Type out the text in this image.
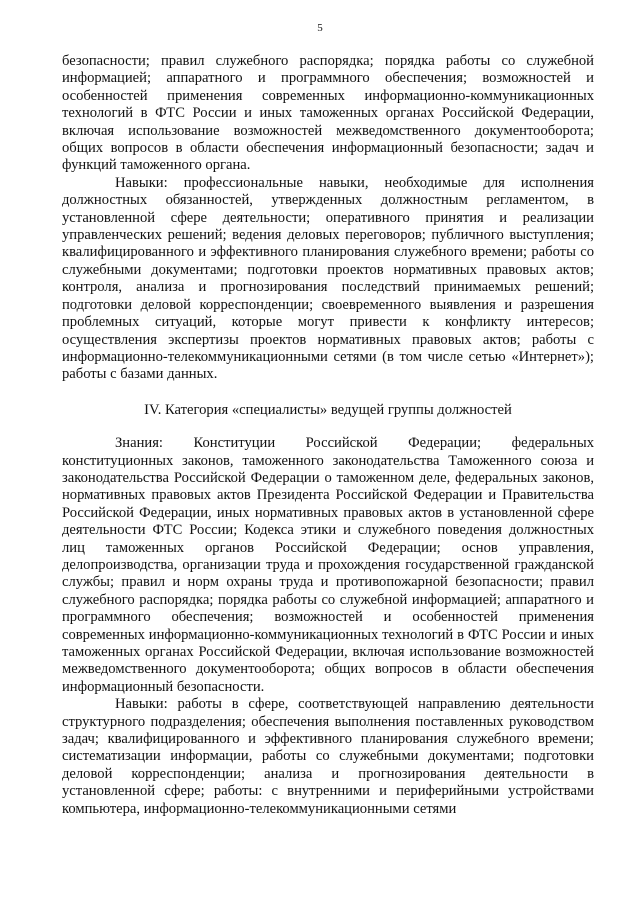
5

безопасности; правил служебного распорядка; порядка работы со служебной информацией; аппаратного и программного обеспечения; возможностей и особенностей применения современных информационно-коммуникационных технологий в ФТС России и иных таможенных органах Российской Федерации, включая использование возможностей межведомственного документооборота; общих вопросов в области обеспечения информационный безопасности; задач и функций таможенного органа.

Навыки: профессиональные навыки, необходимые для исполнения должностных обязанностей, утвержденных должностным регламентом, в установленной сфере деятельности; оперативного принятия и реализации управленческих решений; ведения деловых переговоров; публичного выступления; квалифицированного и эффективного планирования служебного времени; работы со служебными документами; подготовки проектов нормативных правовых актов; контроля, анализа и прогнозирования последствий принимаемых решений; подготовки деловой корреспонденции; своевременного выявления и разрешения проблемных ситуаций, которые могут привести к конфликту интересов; осуществления экспертизы проектов нормативных правовых актов; работы с информационно-телекоммуникационными сетями (в том числе сетью «Интернет»); работы с базами данных.

IV. Категория «специалисты» ведущей группы должностей

Знания: Конституции Российской Федерации; федеральных конституционных законов, таможенного законодательства Таможенного союза и законодательства Российской Федерации о таможенном деле, федеральных законов, нормативных правовых актов Президента Российской Федерации и Правительства Российской Федерации, иных нормативных правовых актов в установленной сфере деятельности ФТС России; Кодекса этики и служебного поведения должностных лиц таможенных органов Российской Федерации; основ управления, делопроизводства, организации труда и прохождения государственной гражданской службы; правил и норм охраны труда и противопожарной безопасности; правил служебного распорядка; порядка работы со служебной информацией; аппаратного и программного обеспечения; возможностей и особенностей применения современных информационно-коммуникационных технологий в ФТС России и иных таможенных органах Российской Федерации, включая использование возможностей межведомственного документооборота; общих вопросов в области обеспечения информационный безопасности.

Навыки: работы в сфере, соответствующей направлению деятельности структурного подразделения; обеспечения выполнения поставленных руководством задач; квалифицированного и эффективного планирования служебного времени; систематизации информации, работы со служебными документами; подготовки деловой корреспонденции; анализа и прогнозирования деятельности в установленной сфере; работы: с внутренними и периферийными устройствами компьютера, информационно-телекоммуникационными сетями
